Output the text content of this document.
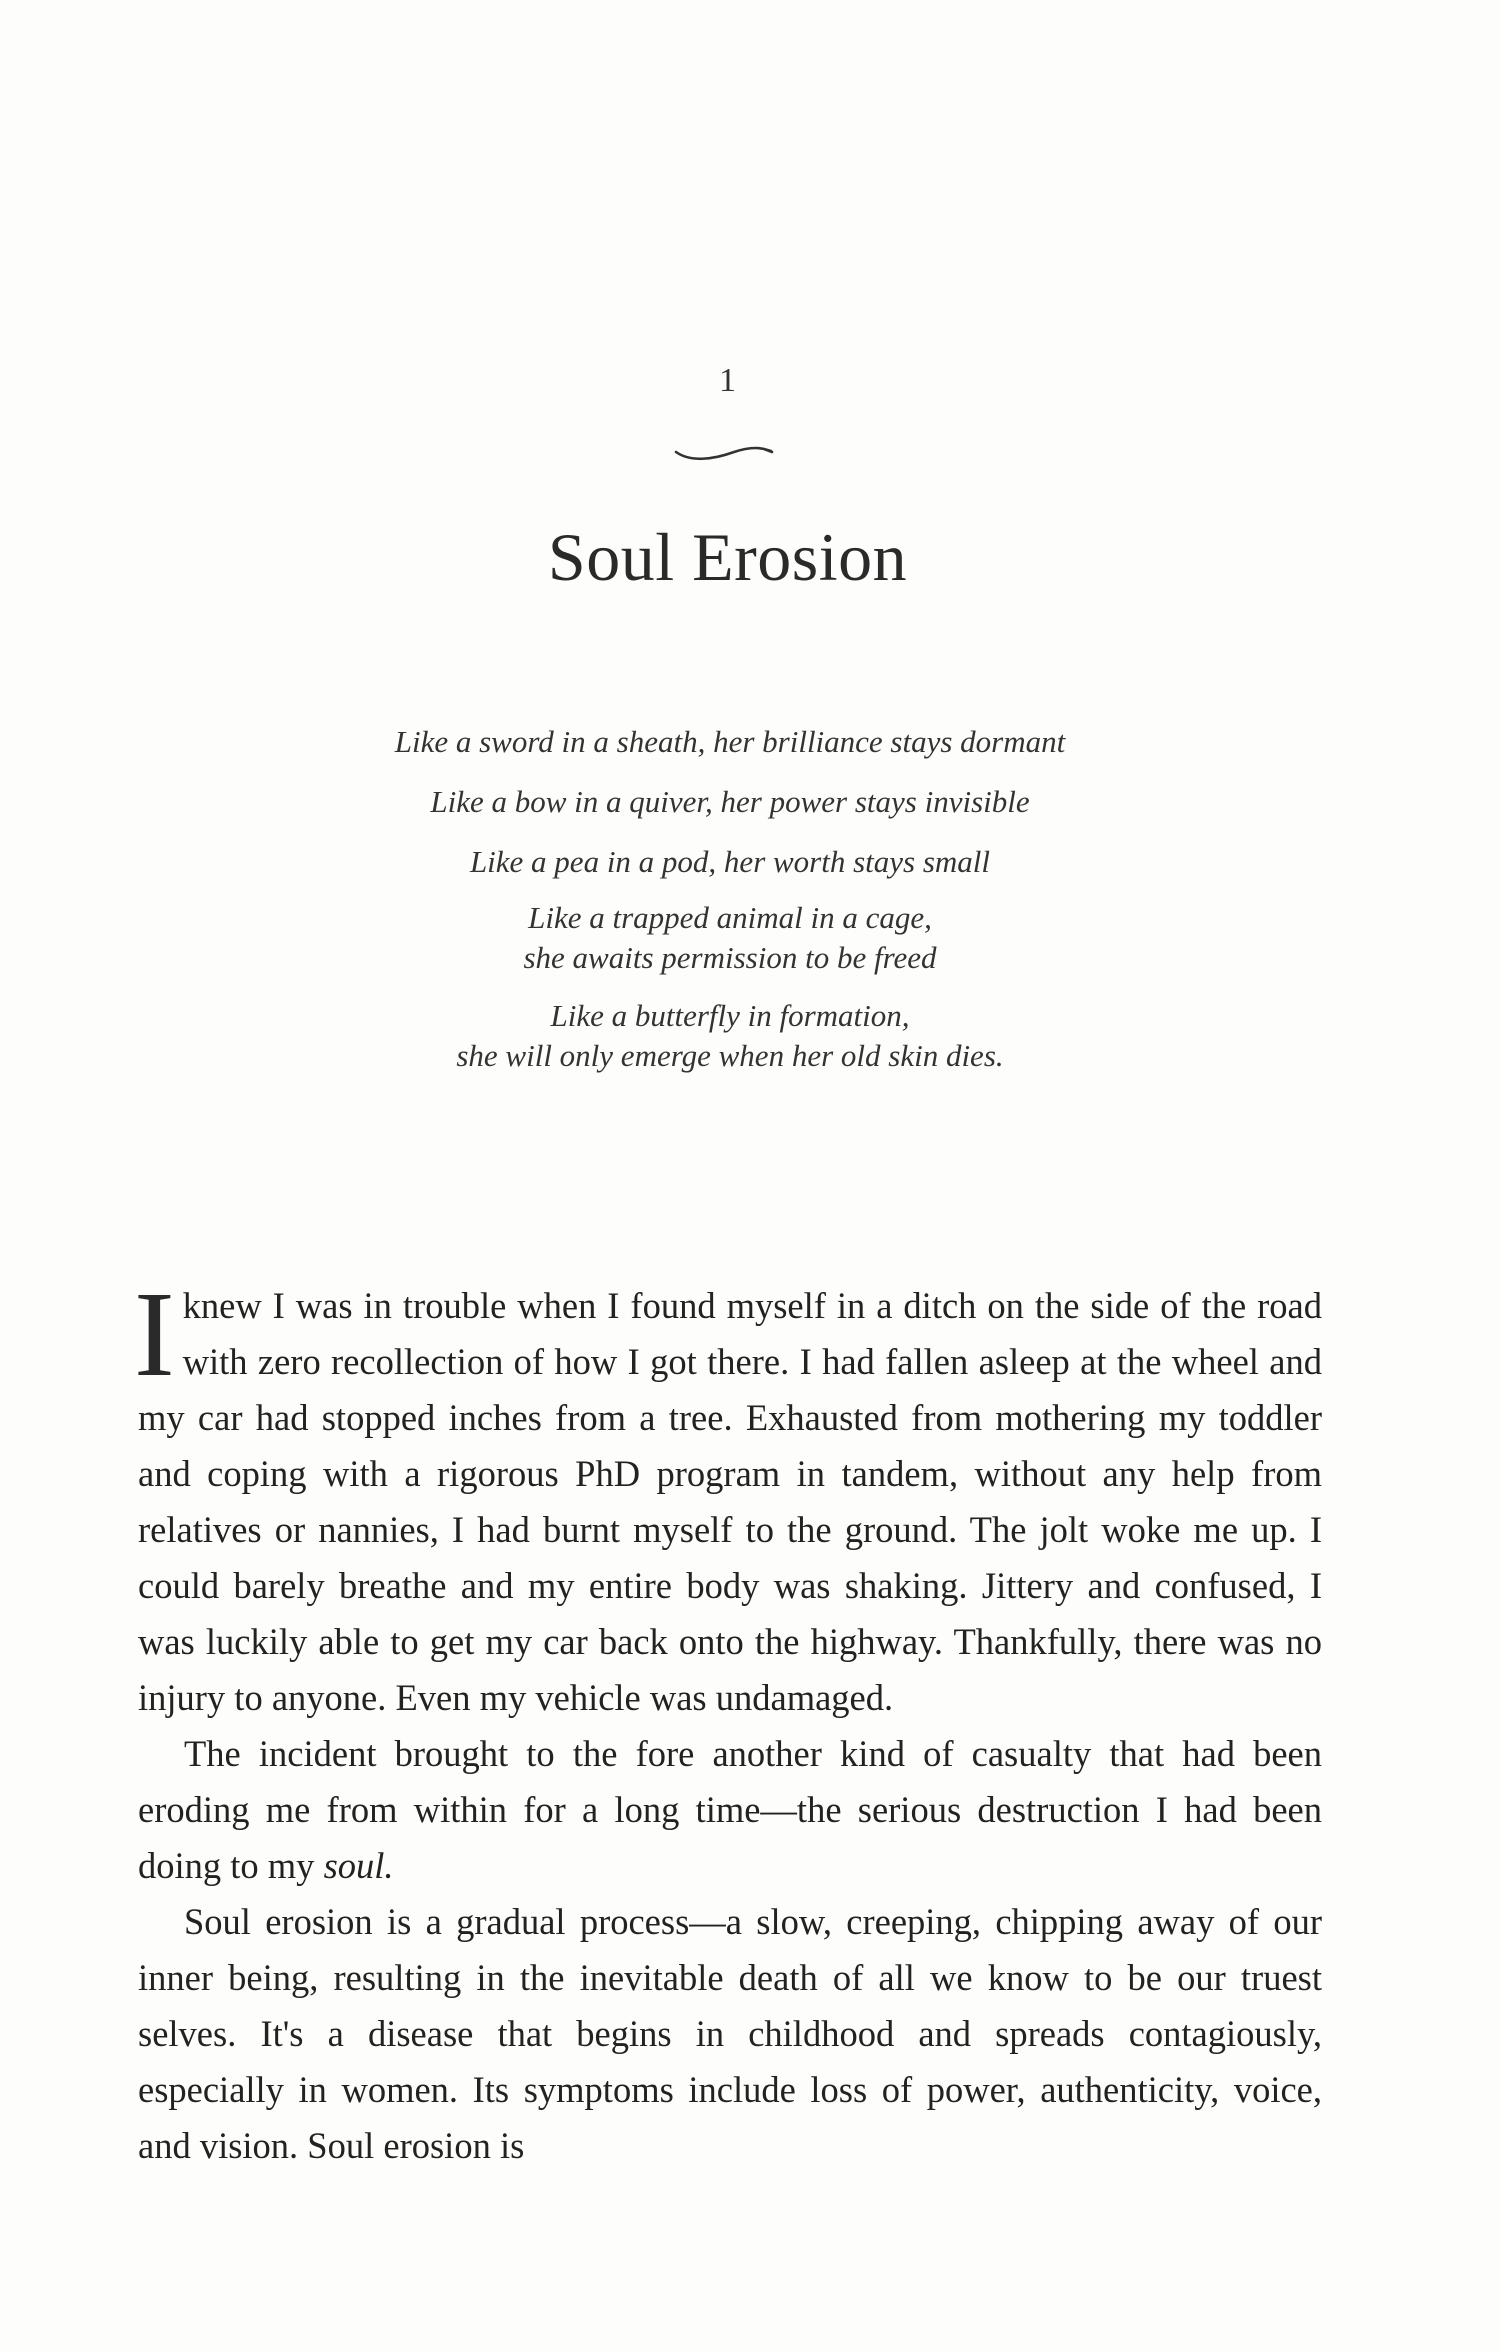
1
Soul Erosion
Like a sword in a sheath, her brilliance stays dormant
Like a bow in a quiver, her power stays invisible
Like a pea in a pod, her worth stays small
Like a trapped animal in a cage,
she awaits permission to be freed
Like a butterfly in formation,
she will only emerge when her old skin dies.

I knew I was in trouble when I found myself in a ditch on the side of the road with zero recollection of how I got there. I had fallen asleep at the wheel and my car had stopped inches from a tree. Exhausted from mothering my toddler and coping with a rigorous PhD program in tandem, without any help from relatives or nannies, I had burnt myself to the ground. The jolt woke me up. I could barely breathe and my entire body was shaking. Jittery and confused, I was luckily able to get my car back onto the highway. Thankfully, there was no injury to anyone. Even my vehicle was undamaged.

The incident brought to the fore another kind of casualty that had been eroding me from within for a long time—the serious destruction I had been doing to my soul.

Soul erosion is a gradual process—a slow, creeping, chipping away of our inner being, resulting in the inevitable death of all we know to be our truest selves. It's a disease that begins in childhood and spreads contagiously, especially in women. Its symptoms include loss of power, authenticity, voice, and vision. Soul erosion is
